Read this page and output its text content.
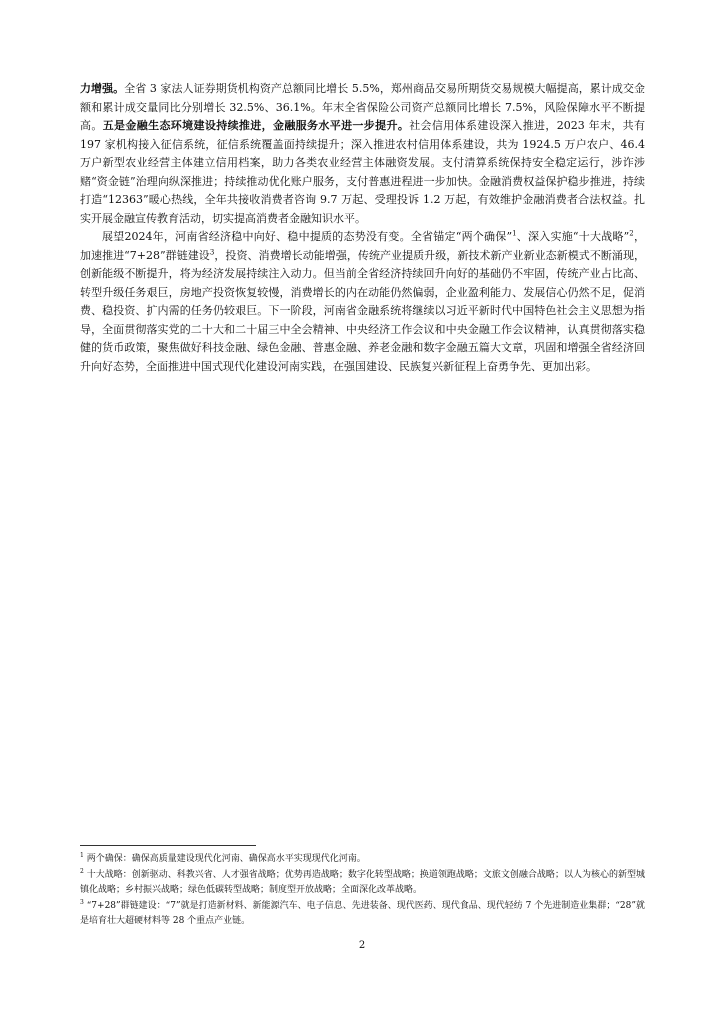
力增强。全省 3 家法人证券期货机构资产总额同比增长 5.5%，郑州商品交易所期货交易规模大幅提高，累计成交金额和累计成交量同比分别增长 32.5%、36.1%。年末全省保险公司资产总额同比增长 7.5%，风险保障水平不断提高。五是金融生态环境建设持续推进，金融服务水平进一步提升。社会信用体系建设深入推进，2023 年末，共有 197 家机构接入征信系统，征信系统覆盖面持续提升；深入推进农村信用体系建设，共为 1924.5 万户农户、46.4 万户新型农业经营主体建立信用档案，助力各类农业经营主体融资发展。支付清算系统保持安全稳定运行，涉诈涉赌“资金链”治理向纵深推进；持续推动优化账户服务，支付普惠进程进一步加快。金融消费权益保护稳步推进，持续打造“12363”暖心热线，全年共接收消费者咨询 9.7 万起、受理投诉 1.2 万起，有效维护金融消费者合法权益。扎实开展金融宣传教育活动，切实提高消费者金融知识水平。

展望2024年，河南省经济稳中向好、稳中提质的态势没有变。全省锚定“两个确保”$^1$、深入实施“十大战略”$^2$，加速推进“7+28”群链建设$^3$，投资、消费增长动能增强，传统产业提质升级，新技术新产业新业态新模式不断涌现，创新能级不断提升，将为经济发展持续注入动力。但当前全省经济持续回升向好的基础仍不牢固，传统产业占比高、转型升级任务艰巨，房地产投资恢复较慢，消费增长的内在动能仍然偏弱，企业盈利能力、发展信心仍然不足，促消费、稳投资、扩内需的任务仍较艰巨。下一阶段，河南省金融系统将继续以习近平新时代中国特色社会主义思想为指导，全面贯彻落实党的二十大和二十届三中全会精神、中央经济工作会议和中央金融工作会议精神，认真贯彻落实稳健的货币政策，聚焦做好科技金融、绿色金融、普惠金融、养老金融和数字金融五篇大文章，巩固和增强全省经济回升向好态势，全面推进中国式现代化建设河南实践，在强国建设、民族复兴新征程上奋勇争先、更加出彩。

$^1$ 两个确保：确保高质量建设现代化河南、确保高水平实现现代化河南。

$^2$ 十大战略：创新驱动、科教兴省、人才强省战略；优势再造战略；数字化转型战略；换道领跑战略；文旅文创融合战略；以人为核心的新型城镇化战略；乡村振兴战略；绿色低碳转型战略；制度型开放战略；全面深化改革战略。

$^3$ “7+28”群链建设：“7”就是打造新材料、新能源汽车、电子信息、先进装备、现代医药、现代食品、现代轻纺 7 个先进制造业集群；“28”就是培育壮大超硬材料等 28 个重点产业链。

2
